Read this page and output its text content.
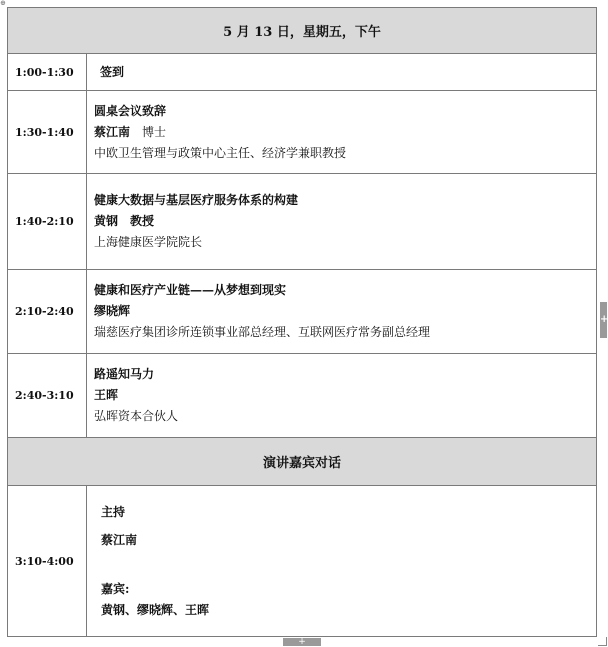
⊕
5 月 13 日，星期五，下午	
1:00-1:30	签到

1:30-1:40	圆桌会议致辞
蔡江南 博士
中欧卫生管理与政策中心主任、经济学兼职教授

1:40-2:10	健康大数据与基层医疗服务体系的构建
黄钢 教授
上海健康医学院院长

2:10-2:40	健康和医疗产业链——从梦想到现实
缪晓辉
瑞慈医疗集团诊所连锁事业部总经理、互联网医疗常务副总经理

2:40-3:10	路遥知马力
王晖
弘晖资本合伙人

演讲嘉宾对话	
3:10-4:00	主持
蔡江南
嘉宾:
黄钢、缪晓辉、王晖
+
+
